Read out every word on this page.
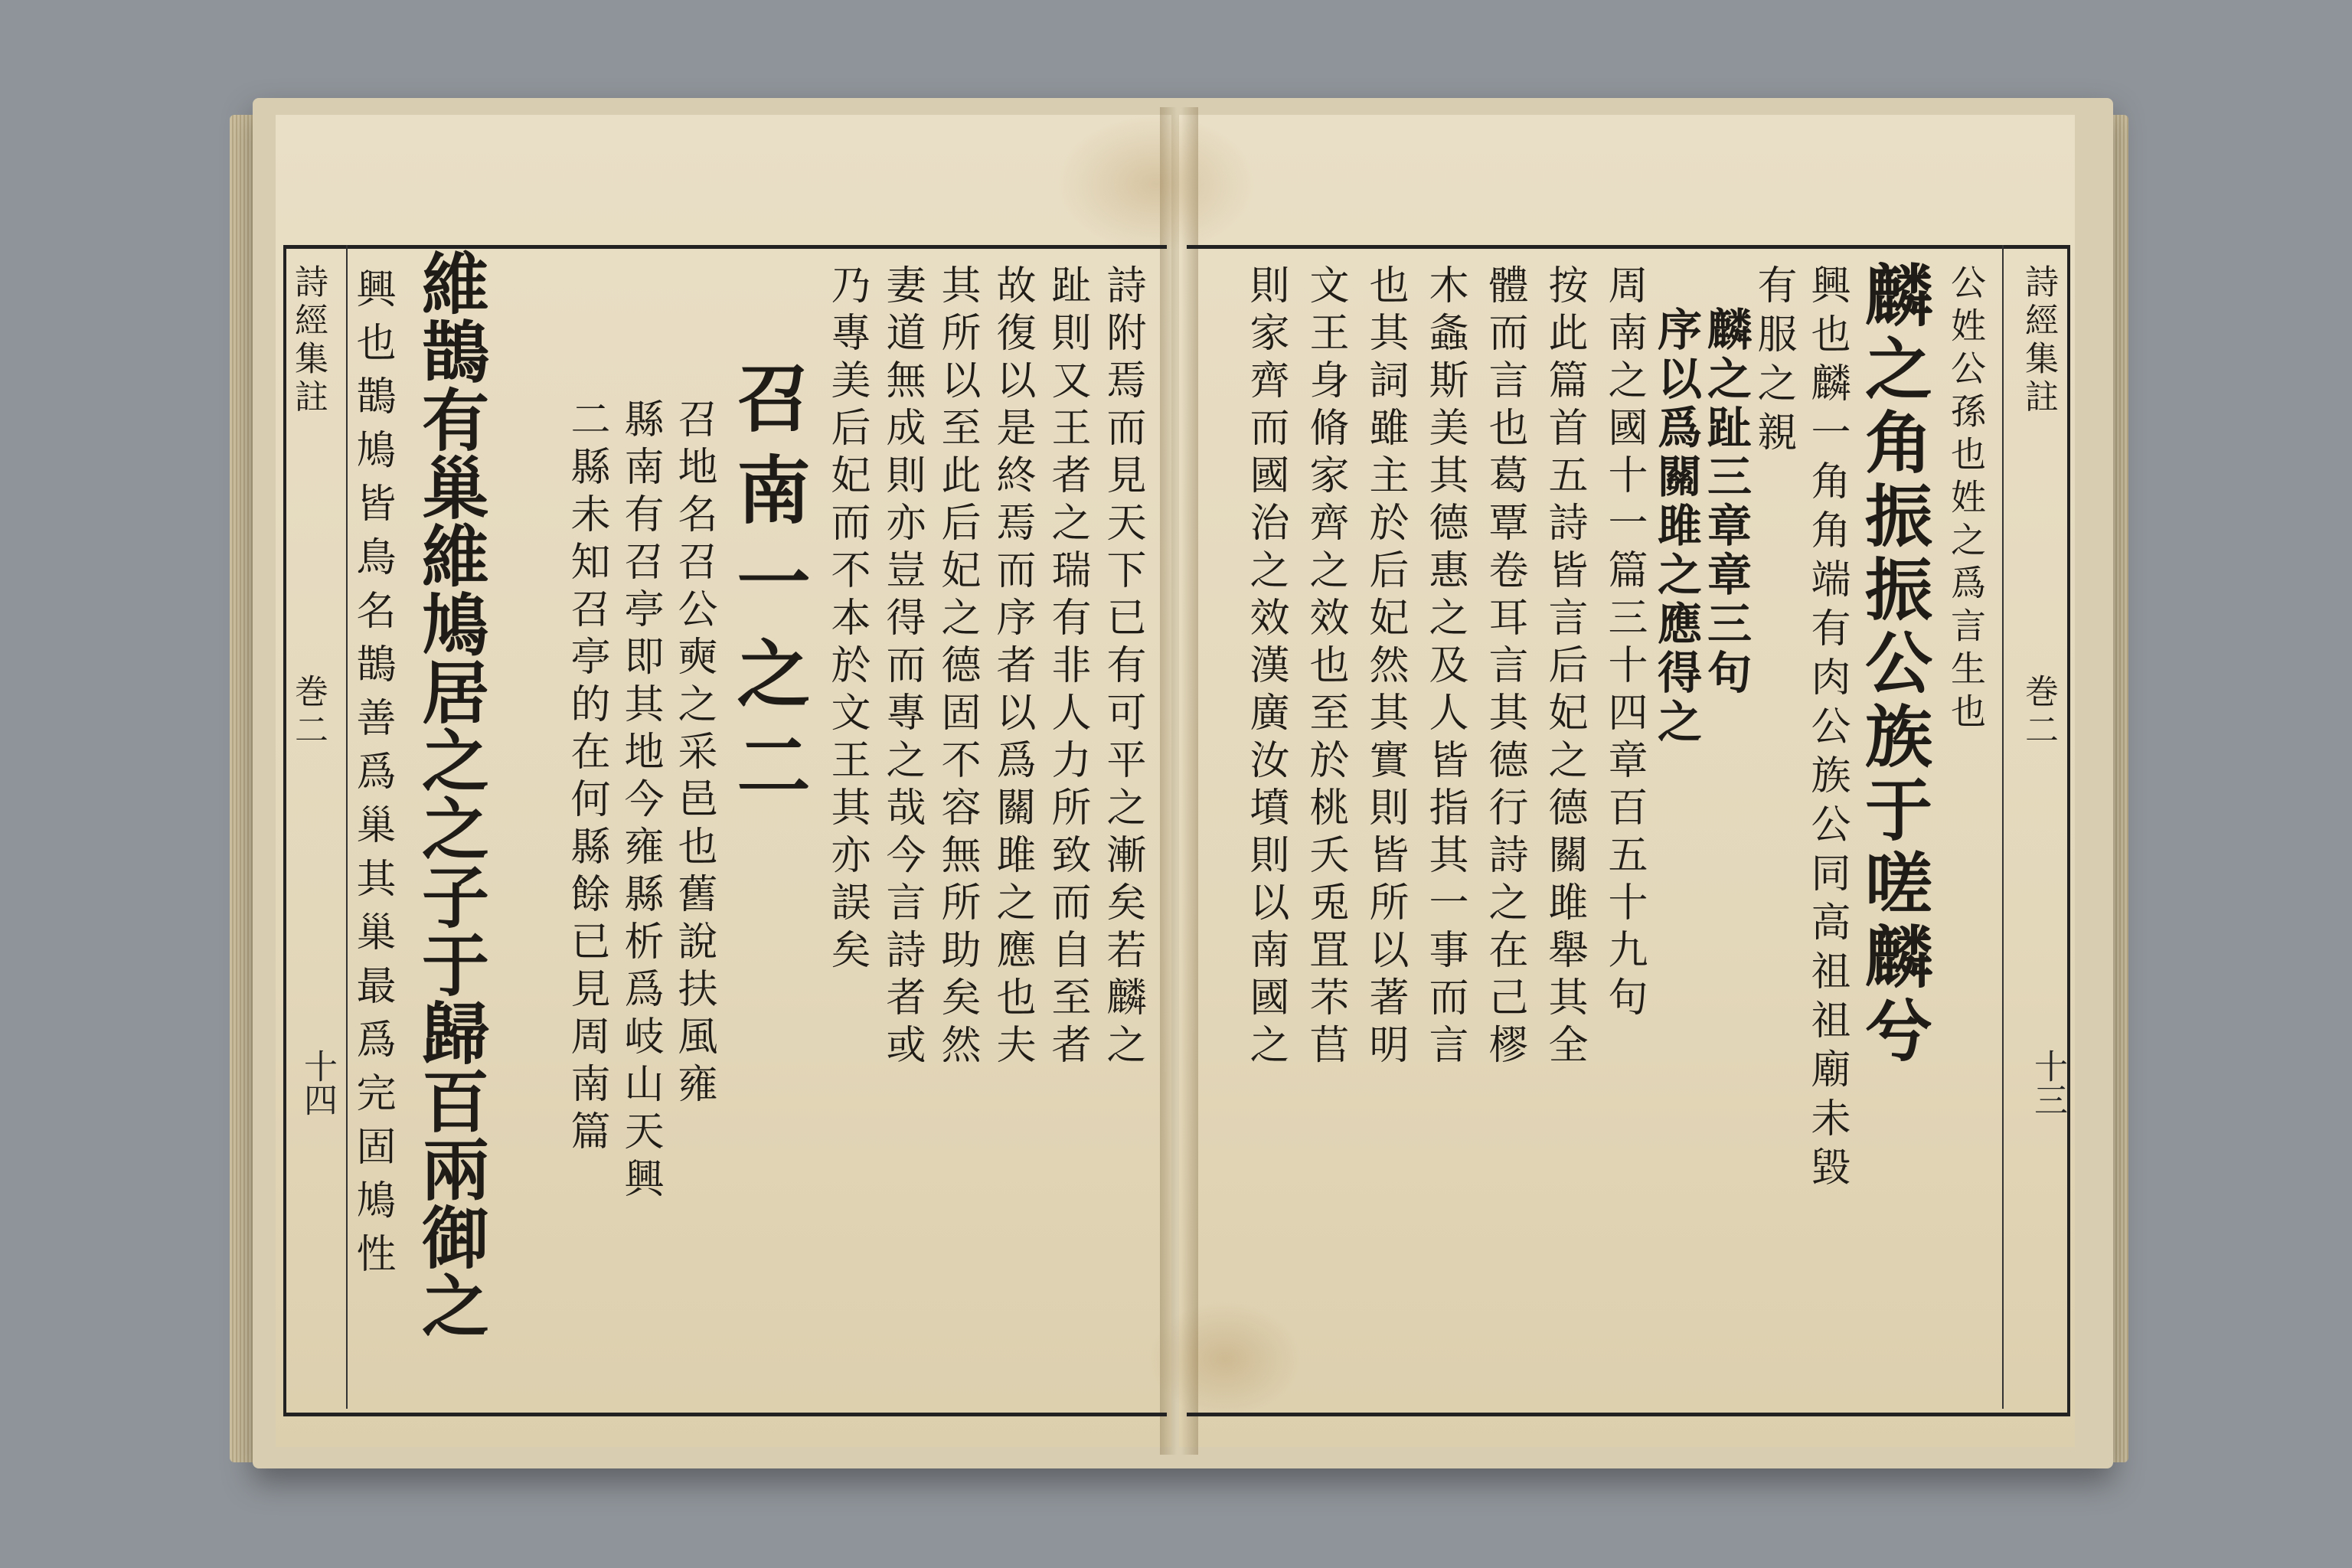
詩經集註
巻二
十四 維鵲有巢維鳩居之之子于歸百兩御之
興也鵲鳩皆鳥名鵲善爲巢其巢最爲完固鳩性	召地名召公奭之采邑也舊說扶風雍
縣南有召亭即其地今雍縣析爲岐山天興
二縣未知召亭的在何縣餘已見周南篇 召南一之二	詩附焉而見天下已有可平之漸矣若麟之
趾則又王者之瑞有非人力所致而自至者
故復以是終焉而序者以爲關雎之應也夫
其所以至此后妃之德固不容無所助矣然
妻道無成則亦豈得而專之哉今言詩者或
乃專美后妃而不本於文王其亦誤矣	詩經集註
巻二
十三
公姓公孫也姓之爲言生也
麟之角振振公族于嗟麟兮
興也麟一角角端有肉公族公同高祖祖廟未毀
有服之親
麟之趾三章章三句
序以爲關雎之應得之
周南之國十一篇三十四章百五十九句
按此篇首五詩皆言后妃之德關雎舉其全
體而言也葛覃卷耳言其德行詩之在己樛
木螽斯美其德惠之及人皆指其一事而言
也其詞雖主於后妃然其實則皆所以著明
文王身脩家齊之效也至於桃夭兎罝芣苢
則家齊而國治之效漢廣汝墳則以南國之
